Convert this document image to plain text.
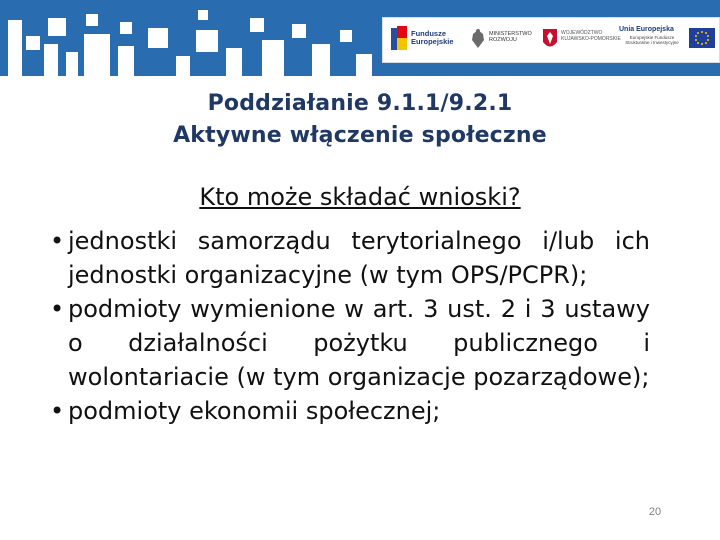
Fundusze
Europejskie
MINISTERSTWO
ROZWOJU
WOJEWÓDZTWO
KUJAWSKO-POMORSKIE
Unia Europejska
Europejskie Fundusze
Strukturalne i Inwestycyjne
Poddziałanie 9.1.1/9.2.1
Aktywne włączenie społeczne
Kto może składać wnioski?
• jednostki samorządu terytorialnego i/lub ich jednostki organizacyjne (w tym OPS/PCPR);
• podmioty wymienione w art. 3 ust. 2 i 3 ustawy o działalności pożytku publicznego i wolontariacie (w tym organizacje pozarządowe);
• podmioty ekonomii społecznej;
20
